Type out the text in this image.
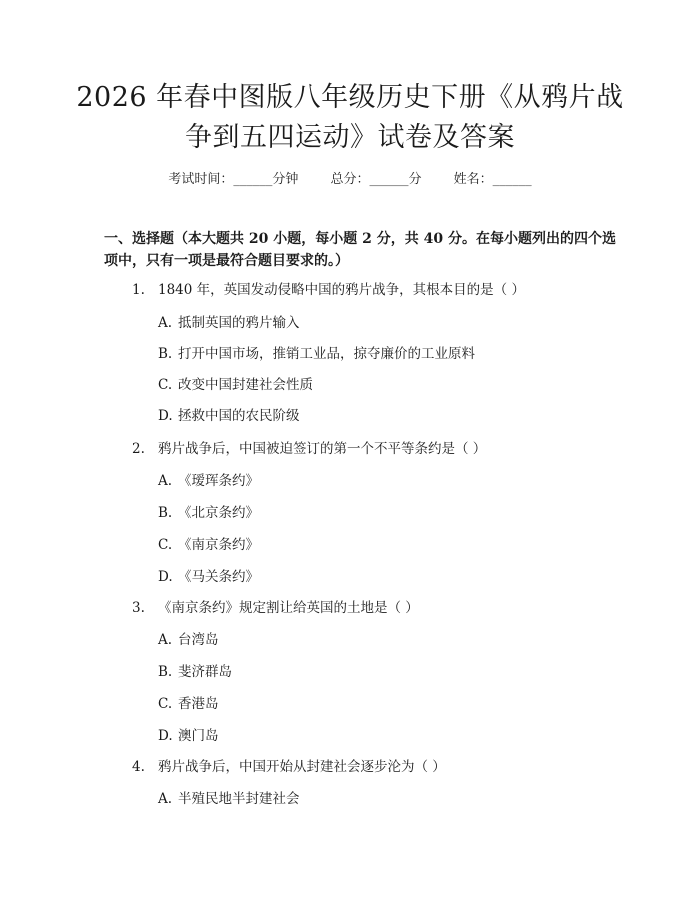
2026 年春中图版八年级历史下册《从鸦片战
争到五四运动》试卷及答案
考试时间：______分钟 总分：______分 姓名：______
一、选择题（本大题共 20 小题，每小题 2 分，共 40 分。在每小题列出的四个选
项中，只有一项是最符合题目要求的。）
1. 1840 年，英国发动侵略中国的鸦片战争，其根本目的是（ ）
A. 抵制英国的鸦片输入
B. 打开中国市场，推销工业品，掠夺廉价的工业原料
C. 改变中国封建社会性质
D. 拯救中国的农民阶级
2. 鸦片战争后，中国被迫签订的第一个不平等条约是（ ）
A. 《瑷珲条约》
B. 《北京条约》
C. 《南京条约》
D. 《马关条约》
3. 《南京条约》规定割让给英国的土地是（ ）
A. 台湾岛
B. 斐济群岛
C. 香港岛
D. 澳门岛
4. 鸦片战争后，中国开始从封建社会逐步沦为（ ）
A. 半殖民地半封建社会
